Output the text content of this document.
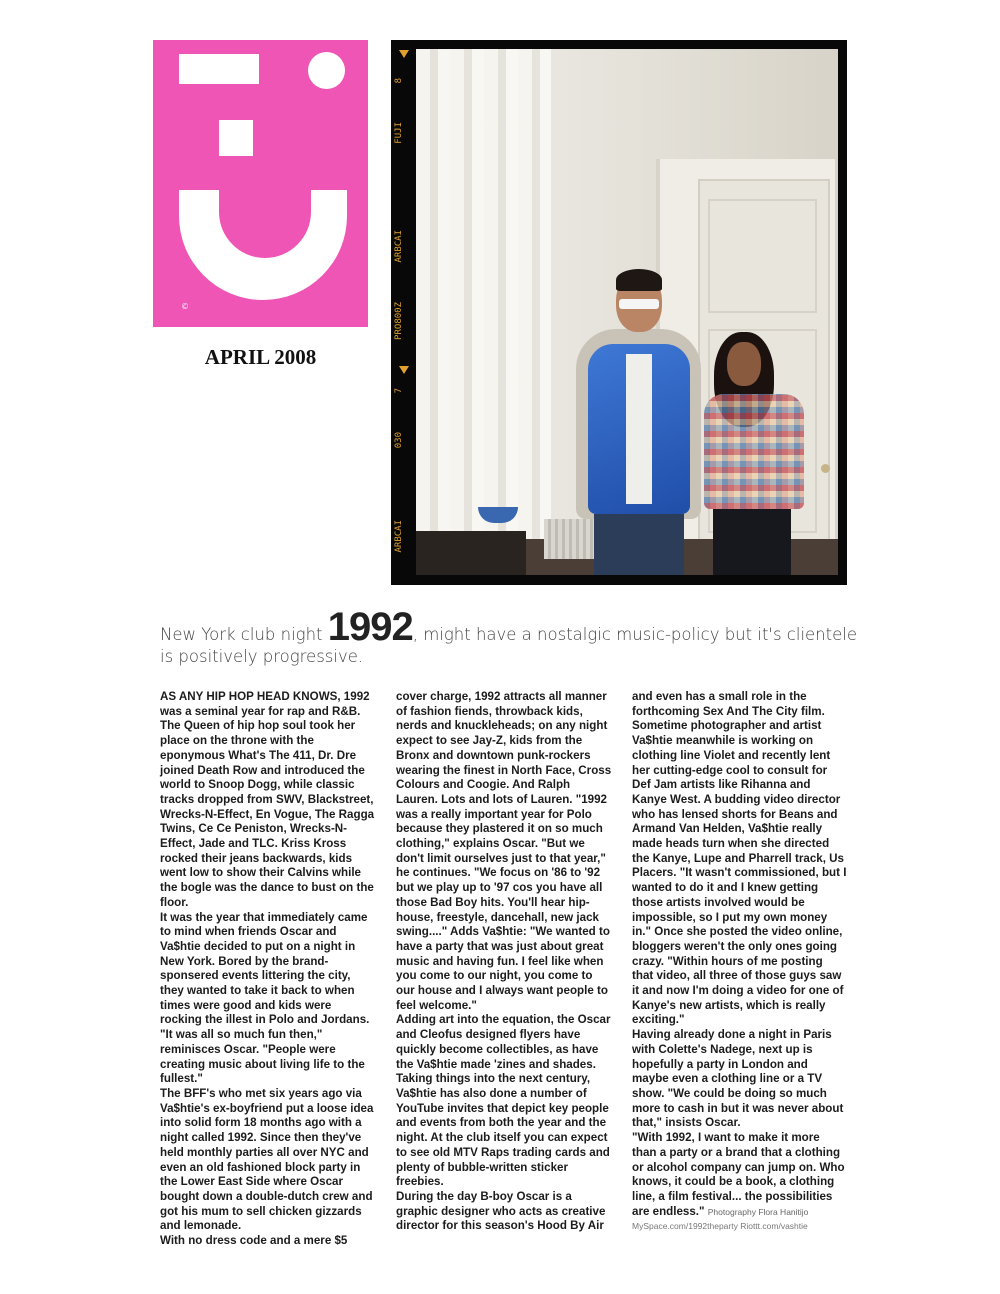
©
APRIL 2008
8
FUJI
ARBCAI
PRO800Z
7
030
ARBCAI
New York club night 1992, might have a nostalgic music-policy but it's clientele is positively progressive.

AS ANY HIP HOP HEAD KNOWS, 1992 was a seminal year for rap and R&B. The Queen of hip hop soul took her place on the throne with the eponymous What's The 411, Dr. Dre joined Death Row and introduced the world to Snoop Dogg, while classic tracks dropped from SWV, Blackstreet, Wrecks-N-Effect, En Vogue, The Ragga Twins, Ce Ce Peniston, Wrecks-N-Effect, Jade and TLC. Kriss Kross rocked their jeans backwards, kids went low to show their Calvins while the bogle was the dance to bust on the floor.

It was the year that immediately came to mind when friends Oscar and Va$htie decided to put on a night in New York. Bored by the brand-sponsered events littering the city, they wanted to take it back to when times were good and kids were rocking the illest in Polo and Jordans. "It was all so much fun then," reminisces Oscar. "People were creating music about living life to the fullest."

The BFF's who met six years ago via Va$htie's ex-boyfriend put a loose idea into solid form 18 months ago with a night called 1992. Since then they've held monthly parties all over NYC and even an old fashioned block party in the Lower East Side where Oscar bought down a double-dutch crew and got his mum to sell chicken gizzards and lemonade.

With no dress code and a mere $5

cover charge, 1992 attracts all manner of fashion fiends, throwback kids, nerds and knuckleheads; on any night expect to see Jay-Z, kids from the Bronx and downtown punk-rockers wearing the finest in North Face, Cross Colours and Coogie. And Ralph Lauren. Lots and lots of Lauren. "1992 was a really important year for Polo because they plastered it on so much clothing," explains Oscar. "But we don't limit ourselves just to that year," he continues. "We focus on '86 to '92 but we play up to '97 cos you have all those Bad Boy hits. You'll hear hip-house, freestyle, dancehall, new jack swing...." Adds Va$htie: "We wanted to have a party that was just about great music and having fun. I feel like when you come to our night, you come to our house and I always want people to feel welcome."

Adding art into the equation, the Oscar and Cleofus designed flyers have quickly become collectibles, as have the Va$htie made 'zines and shades. Taking things into the next century, Va$htie has also done a number of YouTube invites that depict key people and events from both the year and the night. At the club itself you can expect to see old MTV Raps trading cards and plenty of bubble-written sticker freebies.

During the day B-boy Oscar is a graphic designer who acts as creative director for this season's Hood By Air

and even has a small role in the forthcoming Sex And The City film. Sometime photographer and artist Va$htie meanwhile is working on clothing line Violet and recently lent her cutting-edge cool to consult for Def Jam artists like Rihanna and Kanye West. A budding video director who has lensed shorts for Beans and Armand Van Helden, Va$htie really made heads turn when she directed the Kanye, Lupe and Pharrell track, Us Placers. "It wasn't commissioned, but I wanted to do it and I knew getting those artists involved would be impossible, so I put my own money in." Once she posted the video online, bloggers weren't the only ones going crazy. "Within hours of me posting that video, all three of those guys saw it and now I'm doing a video for one of Kanye's new artists, which is really exciting."

Having already done a night in Paris with Colette's Nadege, next up is hopefully a party in London and maybe even a clothing line or a TV show. "We could be doing so much more to cash in but it was never about that," insists Oscar.

"With 1992, I want to make it more than a party or a brand that a clothing or alcohol company can jump on. Who knows, it could be a book, a clothing line, a film festival... the possibilities are endless." Photography Flora Hanitijo

MySpace.com/1992theparty Riottt.com/vashtie
